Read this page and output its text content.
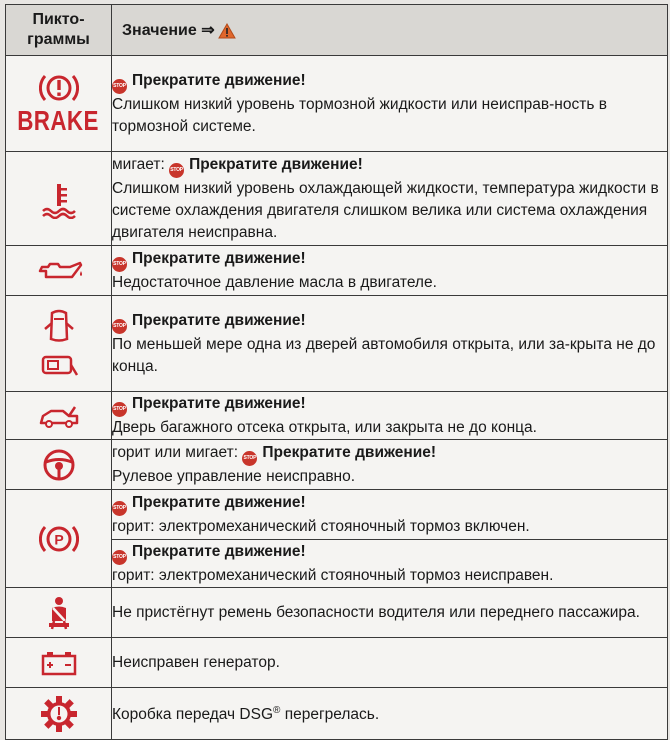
Пикто-
граммы	Значение ⇒

BRAKE	STOP Прекратите движение!
Слишком низкий уровень тормозной жидкости или неисправ-ность в тормозной системе.

	мигает: STOP Прекратите движение!
Слишком низкий уровень охлаждающей жидкости, температура жидкости в системе охлаждения двигателя слишком велика или система охлаждения двигателя неисправна.

	STOP Прекратите движение!
Недостаточное давление масла в двигателе.

	STOP Прекратите движение!
По меньшей мере одна из дверей автомобиля открыта, или за-крыта не до конца.

	STOP Прекратите движение!
Дверь багажного отсека открыта, или закрыта не до конца.

	горит или мигает: STOP Прекратите движение!
Рулевое управление неисправно.

P	STOP Прекратите движение!
горит: электромеханический стояночный тормоз включен.
	STOP Прекратите движение!
горит: электромеханический стояночный тормоз неисправен.

	Не пристёгнут ремень безопасности водителя или переднего пассажира.

	Неисправен генератор.

	Коробка передач DSG® перегрелась.
